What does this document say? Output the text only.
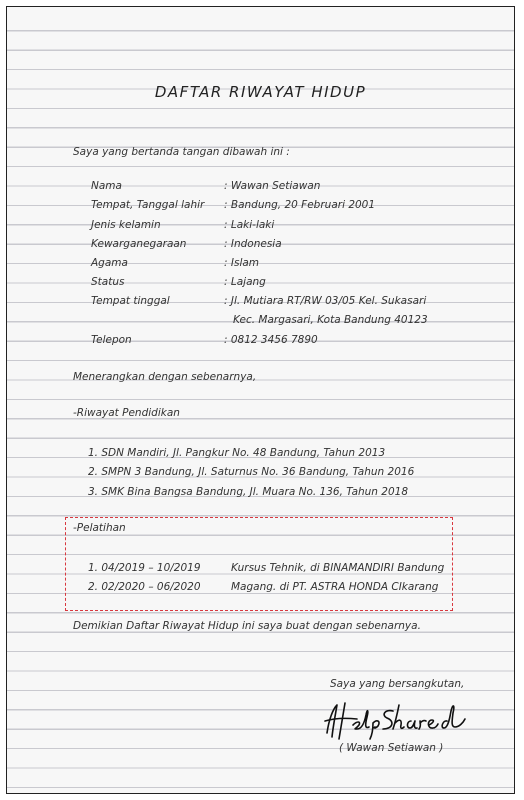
DAFTAR RIWAYAT HIDUP
Saya yang bertanda tangan dibawah ini :
Nama	: Wawan Setiawan
Tempat, Tanggal lahir : Bandung, 20 Februari 2001
Jenis kelamin	: Laki-laki
Kewarganegaraan	: Indonesia
Agama	: Islam
Status	: Lajang
Tempat tinggal	: Jl. Mutiara RT/RW 03/05 Kel. Sukasari
Kec. Margasari, Kota Bandung 40123
Telepon	: 0812 3456 7890
Menerangkan dengan sebenarnya,
-Riwayat Pendidikan
1. SDN Mandiri, Jl. Pangkur No. 48 Bandung, Tahun 2013
2. SMPN 3 Bandung, Jl. Saturnus No. 36 Bandung, Tahun 2016
3. SMK Bina Bangsa Bandung, Jl. Muara No. 136, Tahun 2018
-Pelatihan
1. 04/2019 – 10/2019	Kursus Tehnik, di BINAMANDIRI Bandung
2. 02/2020 – 06/2020	Magang. di PT. ASTRA HONDA CIkarang
Demikian Daftar Riwayat Hidup ini saya buat dengan sebenarnya.
Saya yang bersangkutan,
( Wawan Setiawan )
